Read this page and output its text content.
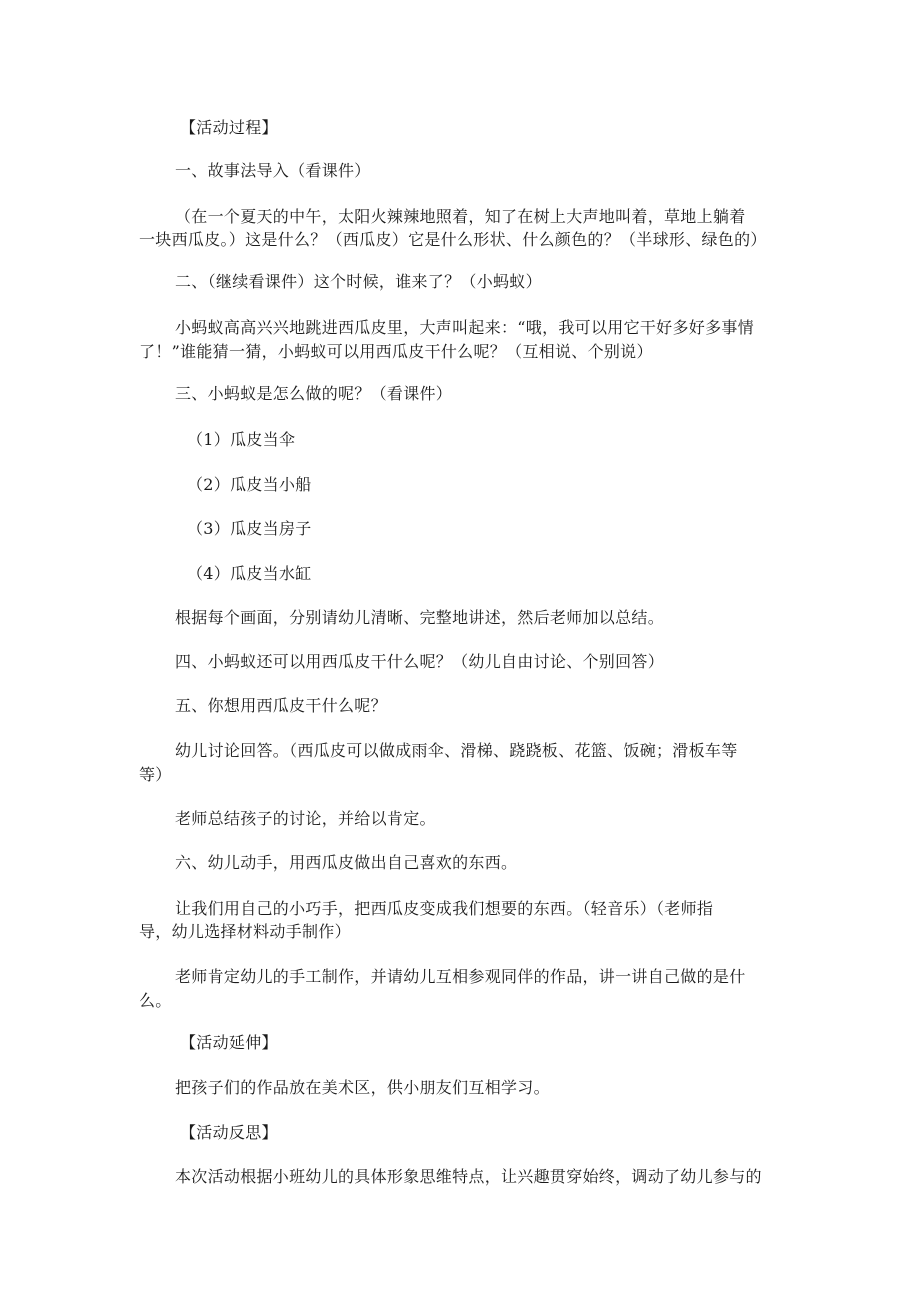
【活动过程】
一、故事法导入（看课件）
（在一个夏天的中午，太阳火辣辣地照着，知了在树上大声地叫着，草地上躺着
一块西瓜皮。）这是什么？（西瓜皮）它是什么形状、什么颜色的？（半球形、绿色的）
二、（继续看课件）这个时候，谁来了？（小蚂蚁）
小蚂蚁高高兴兴地跳进西瓜皮里，大声叫起来：“哦，我可以用它干好多好多事情
了！”谁能猜一猜，小蚂蚁可以用西瓜皮干什么呢？（互相说、个别说）
三、小蚂蚁是怎么做的呢？（看课件）
（1）瓜皮当伞
（2）瓜皮当小船
（3）瓜皮当房子
（4）瓜皮当水缸
根据每个画面，分别请幼儿清晰、完整地讲述，然后老师加以总结。
四、小蚂蚁还可以用西瓜皮干什么呢？（幼儿自由讨论、个别回答）
五、你想用西瓜皮干什么呢？
幼儿讨论回答。（西瓜皮可以做成雨伞、滑梯、跷跷板、花篮、饭碗；滑板车等
等）
老师总结孩子的讨论，并给以肯定。
六、幼儿动手，用西瓜皮做出自己喜欢的东西。
让我们用自己的小巧手，把西瓜皮变成我们想要的东西。（轻音乐）（老师指
导，幼儿选择材料动手制作）
老师肯定幼儿的手工制作，并请幼儿互相参观同伴的作品，讲一讲自己做的是什
么。
【活动延伸】
把孩子们的作品放在美术区，供小朋友们互相学习。
【活动反思】
本次活动根据小班幼儿的具体形象思维特点，让兴趣贯穿始终，调动了幼儿参与的
